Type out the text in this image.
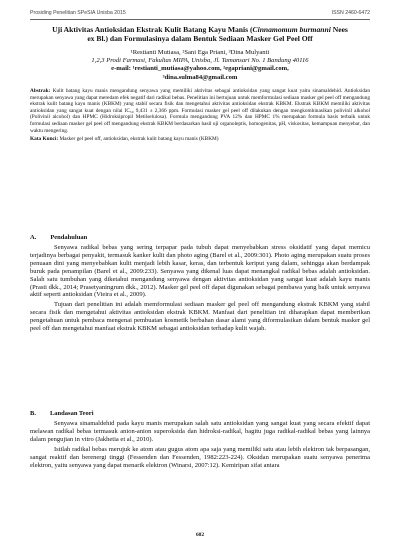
Prosiding Penelitian SPeSIA Unisba 2015	ISSN 2460-6472
Uji Aktivitas Antioksidan Ekstrak Kulit Batang Kayu Manis (Cinnamomum burmanni Nees ex Bl.) dan Formulasinya dalam Bentuk Sediaan Masker Gel Peel Off
¹Restianti Mutiasa, ²Sani Ega Priani, ³Dina Mulyanti
1,2,3 Prodi Farmasi, Fakultas MIPA, Unisba, Jl. Tamansari No. 1 Bandung 40116
e-mail: ¹restianti_mutiasa@yahoo.com, ²egapriani@gmail.com,
³dina.sulma84@gmail.com
Abstrak: Kulit batang kayu manis mengandung senyawa yang memiliki aktivitas sebagai antioksidan yang sangat kuat yaitu sinamaldehid. Antioksidan merupakan senyawa yang dapat meredam efek negatif dari radikal bebas. Penelitian ini bertujuan untuk memformulasi sediaan masker gel peel off mengandung ekstrak kulit batang kayu manis (KBKM) yang stabil secara fisik dan mengetahui aktivitas antioksidan ekstrak KBKM. Ekstrak KBKM memiliki aktivitas antioksidan yang sangat kuat dengan nilai IC₅₀ 9,431 ± 2,366 ppm. Formulasi masker gel peel off dilakukan dengan mengkombinasikan polivinil alkohol (Polivinil alcohol) dan HPMC (Hidroksipropil Metilselulosa). Formula mengandung PVA 12% dan HPMC 1% merupakan formula basis terbaik untuk formulasi sediaan masker gel peel off mengandung ekstrak KBKM berdasarkan hasil uji organoleptis, homogenitas, pH, viskositas, kemampuan menyebar, dan waktu mengering.
Kata Kunci: Masker gel peel off, antioksidan, ekstrak kulit batang kayu manis (KBKM)
A. Pendahuluan
Senyawa radikal bebas yang sering terpapar pada tubuh dapat menyebabkan stress oksidatif yang dapat memicu terjadinya berbagai penyakit, termasuk kanker kulit dan photo aging (Barel et al., 2009:301). Photo aging merupakan suatu proses penuaan dini yang menyebabkan kulit menjadi lebih kasar, keras, dan terbentuk keriput yang dalam, sehingga akan berdampak buruk pada penampilan (Barel et al., 2009:233). Senyawa yang dikenal luas dapat menangkal radikal bebas adalah antioksidan. Salah satu tumbuhan yang diketahui mengandung senyawa dengan aktivitas antioksidan yang sangat kuat adalah kayu manis (Prasti dkk., 2014; Prasetyaningrum dkk., 2012). Masker gel peel off dapat digunakan sebagai pembawa yang baik untuk senyawa aktif seperti antioksidan (Vieira et al., 2009).
Tujuan dari penelitian ini adalah memformulasi sediaan masker gel peel off mengandung ekstrak KBKM yang stabil secara fisik dan mengetahui aktivitas antioksidan ekstrak KBKM. Manfaat dari penelitian ini diharapkan dapat memberikan pengetahuan untuk pembaca mengenai pembuatan kosmetik berbahan dasar alami yang diformulasikan dalam bentuk masker gel peel off dan mengetahui manfaat ekstrak KBKM sebagai antioksidan terhadap kulit wajah.
B. Landasan Teori
Senyawa sinamaldehid pada kayu manis merupakan salah satu antioksidan yang sangat kuat yang secara efektif dapat melawan radikal bebas termasuk anion-anion superoksida dan hidroksi-radikal, bagitu juga radikal-radikal bebas yang lainnya dalam pengujian in vitro (Jakhetia et al., 2010).
Istilah radikal bebas merujuk ke atom atau gugus atom apa saja yang memiliki satu atau lebih elektron tak berpasangan, sangat reaktif dan berenergi tinggi (Fessenden dan Fessenden, 1982:223-224). Oksidan merupakan suatu senyawa penerima elektron, yaitu senyawa yang dapat menarik elektron (Winarsi, 2007:12). Kemiripan sifat antara
602
